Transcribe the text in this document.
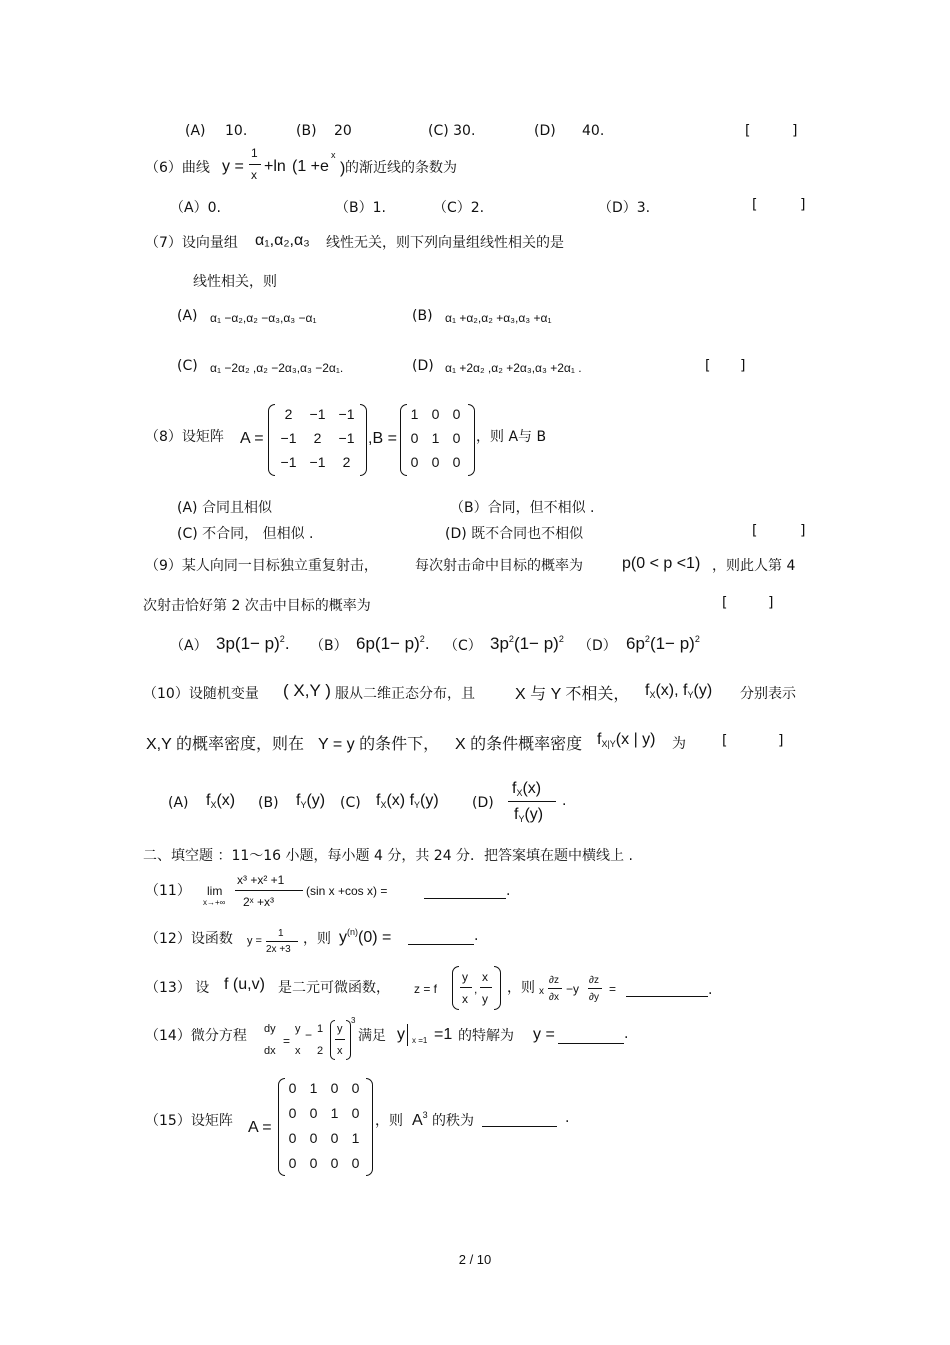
(A) 10.	(B) 20	(C) 30.	(D) 40.	[	]
（6）曲线 y =
1
x +ln (1 +e
x
) 的渐近线的条数为
（A）0.	（B）1.	（C）2.	（D）3.	[	]
（7）设向量组 α₁,α₂,α₃ 线性无关，则下列向量组线性相关的是
线性相关，则
(A) α₁ −α₂,α₂ −α₃,α₃ −α₁	(B) α₁ +α₂,α₂ +α₃,α₃ +α₁
(C) α₁ −2α₂ ,α₂ −2α₃,α₃ −2α₁.	(D) α₁ +2α₂ ,α₂ +2α₃,α₃ +2α₁ .	[ ]
（8）设矩阵 A =
2	−1 −1
−1	2	−1
−1 −1	2
,B =
1 0 0
0 1 0
0 0 0
，则 A与 B
(A) 合同且相似	（B）合同，但不相似 .
(C) 不合同， 但相似 .	(D) 既不合同也不相似	[	]
（9）某人向同一目标独立重复射击，	每次射击命中目标的概率为 p(0 < p <1) ，则此人第 4
次射击恰好第 2 次击中目标的概率为	[	]
（A） $3p(1- p)^2$. （B） $6p(1- p)^2$. （C） $3p^2(1- p)^2$ （D） $6p^2(1- p)^2$
（10）设随机变量 ( X,Y ) 服从二维正态分布，且	X 与 Y 不相关， $f_X(x)$, $f_Y(y)$ 分别表示
X,Y 的概率密度，则在 Y = y 的条件下， X 的条件概率密度 $f_{X|Y}(x$ | y) 为	[	]
(A) $f_X(x)$ (B) $f_Y(y)$ (C) $f_X(x)$ $f_Y(y)$ (D)
$f_X(x)$
$f_Y(y)$
.
二、填空题 ：11～16 小题，每小题 4 分，共 24 分．把答案填在题中横线上 .
（11） lim
x→+∞
x³ +x² +1
2ˣ +x³
(sin x +cos x) =	.
（12）设函数 y =
1
2x +3
，则 $y^{(n)}(0)$ =	.
（13） 设 f (u,v) 是二元可微函数， z = f
y
x
,
x
y
，则 x
∂z
∂x
−y
∂z
∂y
=	.
（14）微分方程 dy
dx
=
y
x
− 1
2
y
x
3
满足 y x =1 =1 的特解为 y =	.
（15）设矩阵 A =
0 1 0 0
0 0 1 0
0 0 0 1
0 0 0 0
，则 $A^3$ 的秩为	.
2 / 10
